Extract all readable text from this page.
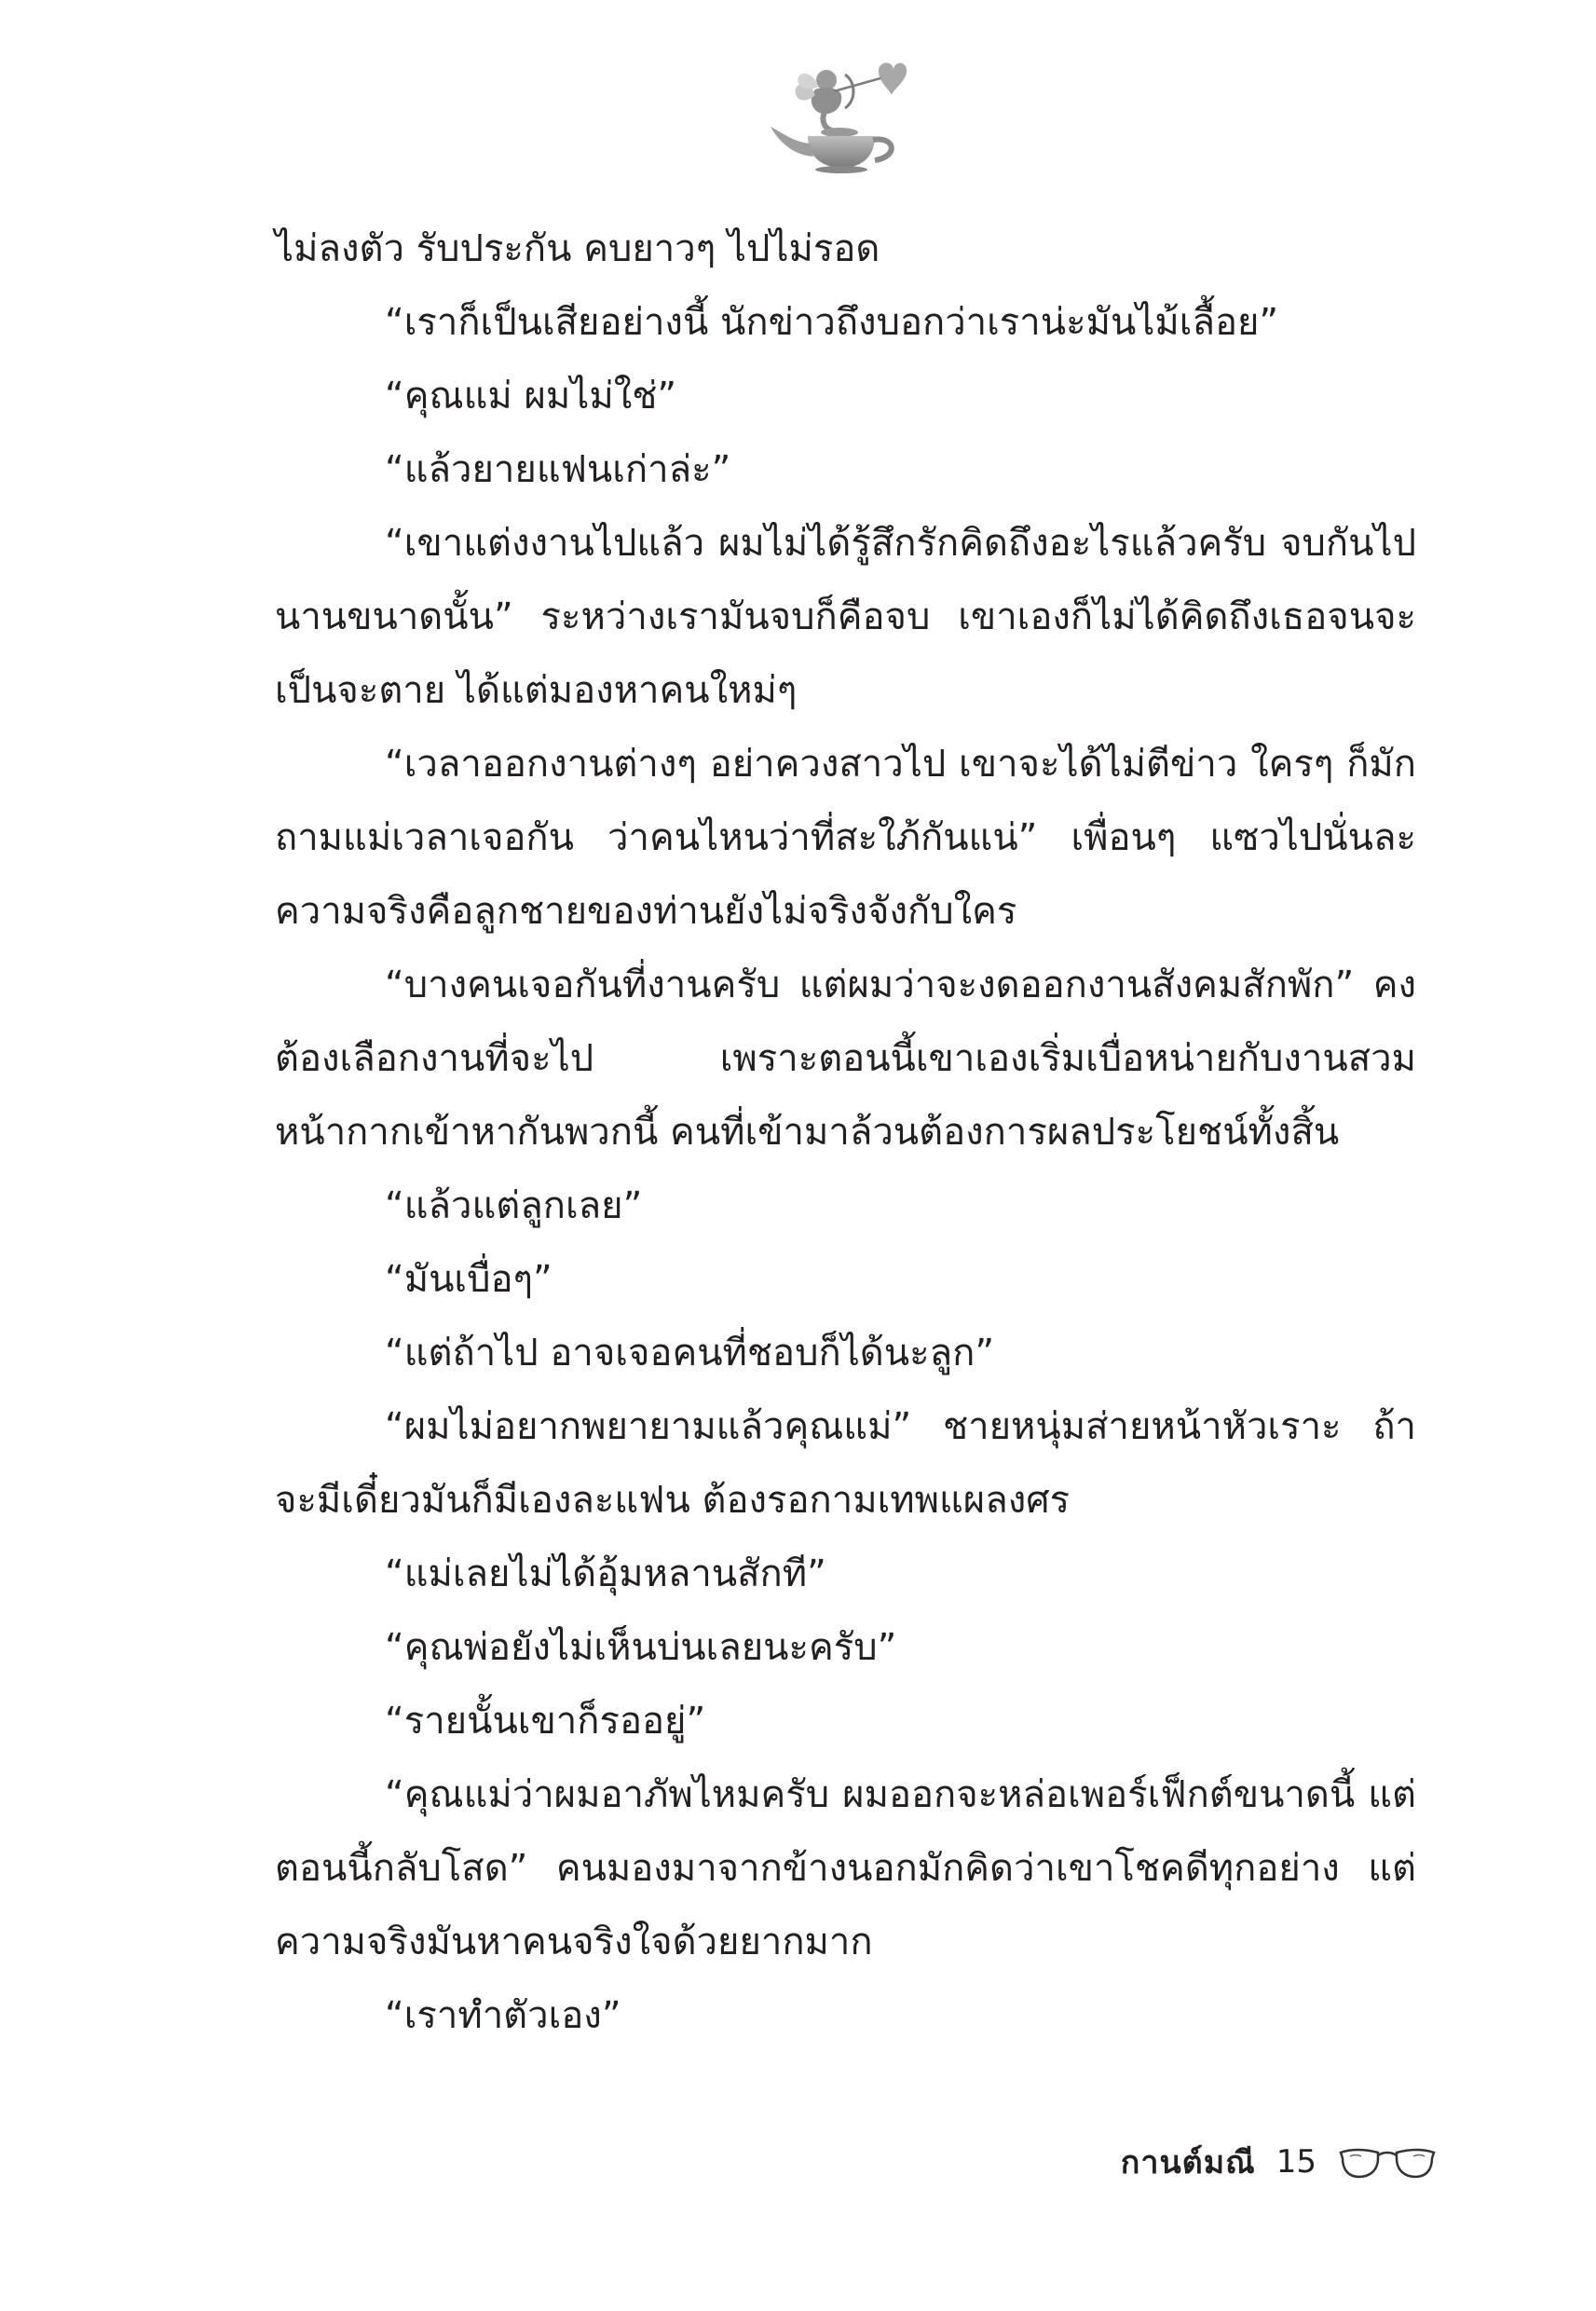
ไม่ลงตัว รับประกัน คบยาวๆ ไปไม่รอด

“เราก็เป็นเสียอย่างนี้ นักข่าวถึงบอกว่าเราน่ะมันไม้เลื้อย”

“คุณแม่ ผมไม่ใช่”

“แล้วยายแฟนเก่าล่ะ”

“เขาแต่งงานไปแล้ว ผมไม่ได้รู้สึกรักคิดถึงอะไรแล้วครับ จบกันไปนานขนาดนั้น” ระหว่างเรามันจบก็คือจบ เขาเองก็ไม่ได้คิดถึงเธอจนจะเป็นจะตาย ได้แต่มองหาคนใหม่ๆ

“เวลาออกงานต่างๆ อย่าควงสาวไป เขาจะได้ไม่ตีข่าว ใครๆ ก็มักถามแม่เวลาเจอกัน ว่าคนไหนว่าที่สะใภ้กันแน่” เพื่อนๆ แซวไปนั่นละ ความจริงคือลูกชายของท่านยังไม่จริงจังกับใคร

“บางคนเจอกันที่งานครับ แต่ผมว่าจะงดออกงานสังคมสักพัก” คงต้องเลือกงานที่จะไป เพราะตอนนี้เขาเองเริ่มเบื่อหน่ายกับงานสวมหน้ากากเข้าหากันพวกนี้ คนที่เข้ามาล้วนต้องการผลประโยชน์ทั้งสิ้น

“แล้วแต่ลูกเลย”

“มันเบื่อๆ”

“แต่ถ้าไป อาจเจอคนที่ชอบก็ได้นะลูก”

“ผมไม่อยากพยายามแล้วคุณแม่” ชายหนุ่มส่ายหน้าหัวเราะ ถ้าจะมีเดี๋ยวมันก็มีเองละแฟน ต้องรอกามเทพแผลงศร

“แม่เลยไม่ได้อุ้มหลานสักที”

“คุณพ่อยังไม่เห็นบ่นเลยนะครับ”

“รายนั้นเขาก็รออยู่”

“คุณแม่ว่าผมอาภัพไหมครับ ผมออกจะหล่อเพอร์เฟ็กต์ขนาดนี้ แต่ตอนนี้กลับโสด” คนมองมาจากข้างนอกมักคิดว่าเขาโชคดีทุกอย่าง แต่ความจริงมันหาคนจริงใจด้วยยากมาก

“เราทำตัวเอง”

กานต์มณี 15
